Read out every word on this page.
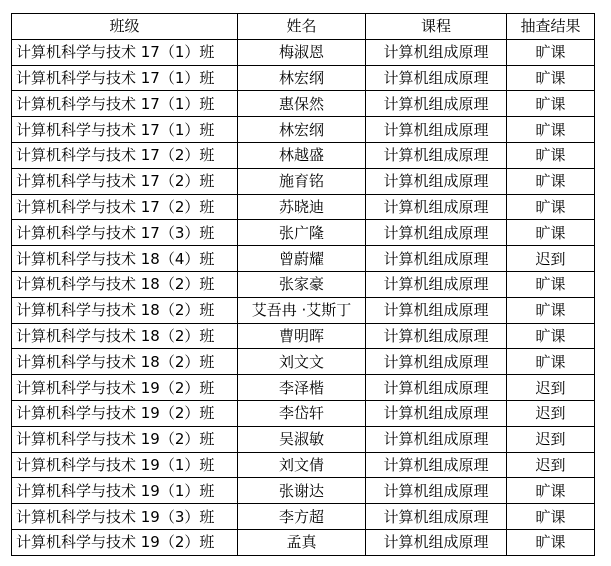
班级	姓名	课程	抽查结果
计算机科学与技术 17（1）班	梅淑恩	计算机组成原理	旷课
计算机科学与技术 17（1）班	林宏纲	计算机组成原理	旷课
计算机科学与技术 17（1）班	惠保然	计算机组成原理	旷课
计算机科学与技术 17（1）班	林宏纲	计算机组成原理	旷课
计算机科学与技术 17（2）班	林越盛	计算机组成原理	旷课
计算机科学与技术 17（2）班	施育铭	计算机组成原理	旷课
计算机科学与技术 17（2）班	苏晓迪	计算机组成原理	旷课
计算机科学与技术 17（3）班	张广隆	计算机组成原理	旷课
计算机科学与技术 18（4）班	曾蔚耀	计算机组成原理	迟到
计算机科学与技术 18（2）班	张家豪	计算机组成原理	旷课
计算机科学与技术 18（2）班	艾吾冉 ·艾斯丁	计算机组成原理	旷课
计算机科学与技术 18（2）班	曹明晖	计算机组成原理	旷课
计算机科学与技术 18（2）班	刘文文	计算机组成原理	旷课
计算机科学与技术 19（2）班	李泽楷	计算机组成原理	迟到
计算机科学与技术 19（2）班	李岱轩	计算机组成原理	迟到
计算机科学与技术 19（2）班	吴淑敏	计算机组成原理	迟到
计算机科学与技术 19（1）班	刘文倩	计算机组成原理	迟到
计算机科学与技术 19（1）班	张谢达	计算机组成原理	旷课
计算机科学与技术 19（3）班	李方超	计算机组成原理	旷课
计算机科学与技术 19（2）班	孟真	计算机组成原理	旷课
